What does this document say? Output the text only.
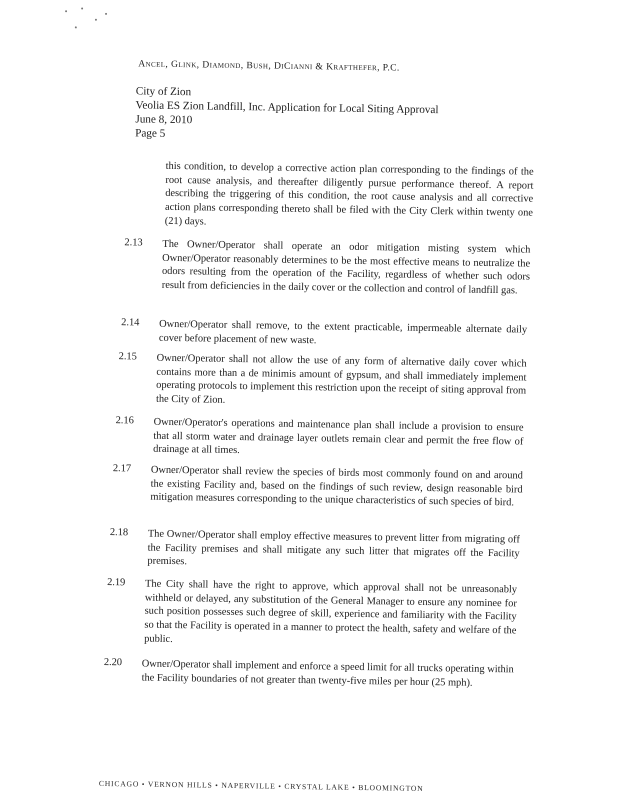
Ancel, Glink, Diamond, Bush, DiCianni & Krafthefer, P.C.
City of Zion
Veolia ES Zion Landfill, Inc. Application for Local Siting Approval
June 8, 2010
Page 5

this condition, to develop a corrective action plan corresponding to the findings of the root cause analysis, and thereafter diligently pursue performance thereof. A report describing the triggering of this condition, the root cause analysis and all corrective action plans corresponding thereto shall be filed with the City Clerk within twenty one (21) days.

2.13 The Owner/Operator shall operate an odor mitigation misting system which Owner/Operator reasonably determines to be the most effective means to neutralize the odors resulting from the operation of the Facility, regardless of whether such odors result from deficiencies in the daily cover or the collection and control of landfill gas.

2.14 Owner/Operator shall remove, to the extent practicable, impermeable alternate daily cover before placement of new waste.

2.15 Owner/Operator shall not allow the use of any form of alternative daily cover which contains more than a de minimis amount of gypsum, and shall immediately implement operating protocols to implement this restriction upon the receipt of siting approval from the City of Zion.

2.16 Owner/Operator's operations and maintenance plan shall include a provision to ensure that all storm water and drainage layer outlets remain clear and permit the free flow of drainage at all times.

2.17 Owner/Operator shall review the species of birds most commonly found on and around the existing Facility and, based on the findings of such review, design reasonable bird mitigation measures corresponding to the unique characteristics of such species of bird.

2.18 The Owner/Operator shall employ effective measures to prevent litter from migrating off the Facility premises and shall mitigate any such litter that migrates off the Facility premises.

2.19 The City shall have the right to approve, which approval shall not be unreasonably withheld or delayed, any substitution of the General Manager to ensure any nominee for such position possesses such degree of skill, experience and familiarity with the Facility so that the Facility is operated in a manner to protect the health, safety and welfare of the public.

2.20 Owner/Operator shall implement and enforce a speed limit for all trucks operating within the Facility boundaries of not greater than twenty-five miles per hour (25 mph).

CHICAGO • VERNON HILLS • NAPERVILLE • CRYSTAL LAKE • BLOOMINGTON
